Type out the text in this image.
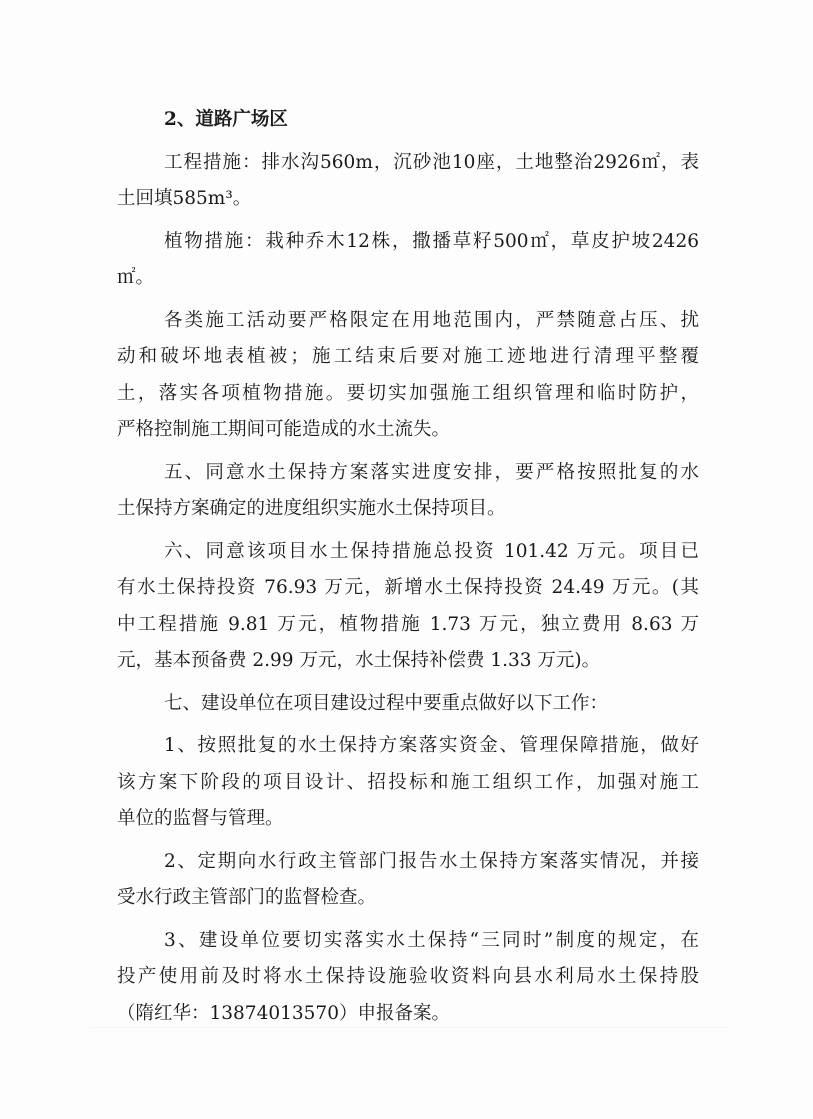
2、道路广场区
工程措施：排水沟560m，沉砂池10座，土地整治2926㎡，表
土回填585m³。
植物措施：栽种乔木12株，撒播草籽500㎡，草皮护坡2426
㎡。
各类施工活动要严格限定在用地范围内，严禁随意占压、扰
动和破坏地表植被；施工结束后要对施工迹地进行清理平整覆
土，落实各项植物措施。要切实加强施工组织管理和临时防护，
严格控制施工期间可能造成的水土流失。
五、同意水土保持方案落实进度安排，要严格按照批复的水
土保持方案确定的进度组织实施水土保持项目。
六、同意该项目水土保持措施总投资 101.42 万元。项目已
有水土保持投资 76.93 万元，新增水土保持投资 24.49 万元。(其
中工程措施 9.81 万元，植物措施 1.73 万元，独立费用 8.63 万
元，基本预备费 2.99 万元，水土保持补偿费 1.33 万元)。
七、建设单位在项目建设过程中要重点做好以下工作：
1、按照批复的水土保持方案落实资金、管理保障措施，做好
该方案下阶段的项目设计、招投标和施工组织工作，加强对施工
单位的监督与管理。
2、定期向水行政主管部门报告水土保持方案落实情况，并接
受水行政主管部门的监督检查。
3、建设单位要切实落实水土保持“三同时”制度的规定，在
投产使用前及时将水土保持设施验收资料向县水利局水土保持股
（隋红华：13874013570）申报备案。
